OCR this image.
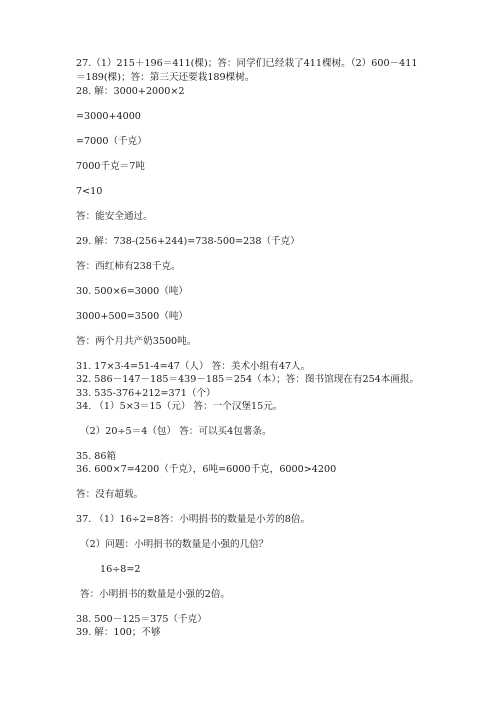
27.（1）215＋196＝411(棵)；答：同学们已经栽了411棵树。（2）600－411
＝189(棵)；答：第三天还要栽189棵树。
28. 解：3000+2000×2
=3000+4000
=7000（千克）
7000千克＝7吨
7<10
答：能安全通过。
29. 解：738-(256+244)=738-500=238（千克）
答：西红柿有238千克。
30. 500×6=3000（吨）
3000+500=3500（吨）
答：两个月共产奶3500吨。
31. 17×3-4=51-4=47（人） 答：美术小组有47人。
32. 586－147－185＝439－185＝254（本）；答：图书馆现在有254本画报。
33. 535-376+212=371（个）
34. （1）5×3＝15（元） 答：一个汉堡15元。
（2）20÷5＝4（包） 答：可以买4包薯条。
35. 86箱
36. 600×7=4200（千克），6吨=6000千克，6000>4200
答：没有超载。
37. （1）16÷2=8答：小明捐书的数量是小芳的8倍。
（2）问题：小明捐书的数量是小强的几倍？
16÷8=2
答：小明捐书的数量是小强的2倍。
38. 500－125＝375（千克）
39. 解：100；不够
